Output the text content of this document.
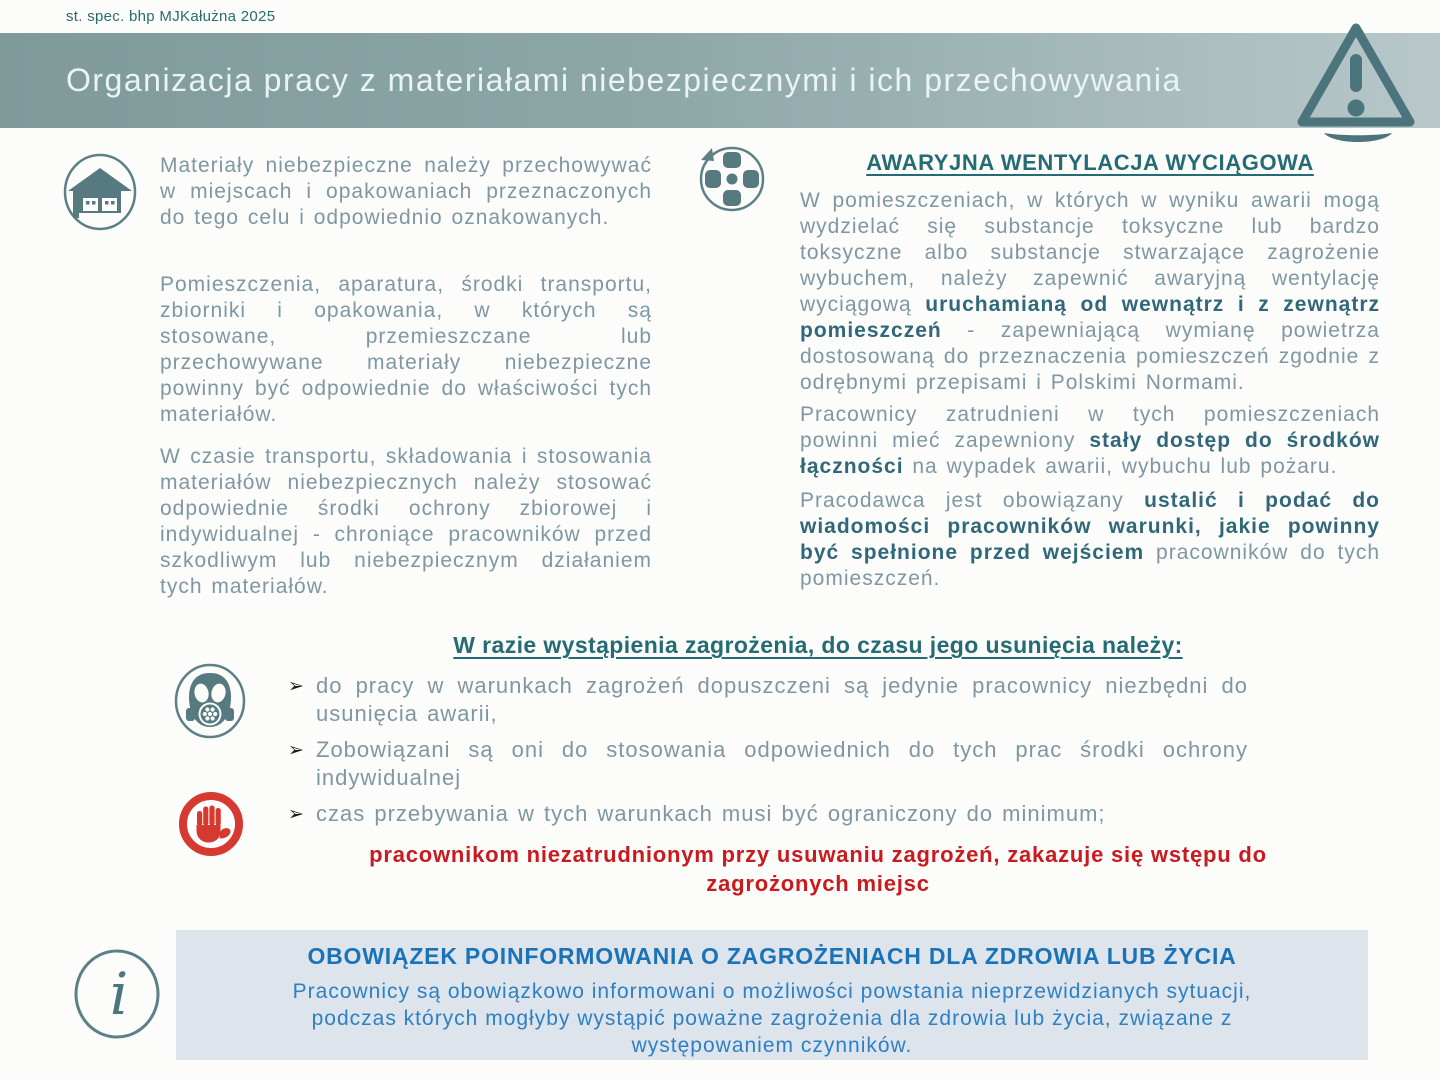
st. spec. bhp MJKałużna 2025
Organizacja pracy z materiałami niebezpiecznymi i ich przechowywania

Materiały niebezpieczne należy przechowywać w miejscach i opakowaniach przeznaczonych do tego celu i odpowiednio oznakowanych.

Pomieszczenia, aparatura, środki transportu, zbiorniki i opakowania, w których są stosowane, przemieszczane lub przechowywane materiały niebezpieczne powinny być odpowiednie do właściwości tych materiałów.

W czasie transportu, składowania i stosowania materiałów niebezpiecznych należy stosować odpowiednie środki ochrony zbiorowej i indywidualnej - chroniące pracowników przed szkodliwym lub niebezpiecznym działaniem tych materiałów.

AWARYJNA WENTYLACJA WYCIĄGOWA

W pomieszczeniach, w których w wyniku awarii mogą wydzielać się substancje toksyczne lub bardzo toksyczne albo substancje stwarzające zagrożenie wybuchem, należy zapewnić awaryjną wentylację wyciągową uruchamianą od wewnątrz i z zewnątrz pomieszczeń - zapewniającą wymianę powietrza dostosowaną do przeznaczenia pomieszczeń zgodnie z odrębnymi przepisami i Polskimi Normami.

Pracownicy zatrudnieni w tych pomieszczeniach powinni mieć zapewniony stały dostęp do środków łączności na wypadek awarii, wybuchu lub pożaru.

Pracodawca jest obowiązany ustalić i podać do wiadomości pracowników warunki, jakie powinny być spełnione przed wejściem pracowników do tych pomieszczeń.

W razie wystąpienia zagrożenia, do czasu jego usunięcia należy:

➢ do pracy w warunkach zagrożeń dopuszczeni są jedynie pracownicy niezbędni do usunięcia awarii,

➢ Zobowiązani są oni do stosowania odpowiednich do tych prac środki ochrony indywidualnej

➢ czas przebywania w tych warunkach musi być ograniczony do minimum;

pracownikom niezatrudnionym przy usuwaniu zagrożeń, zakazuje się wstępu do zagrożonych miejsc

i
OBOWIĄZEK POINFORMOWANIA O ZAGROŻENIACH DLA ZDROWIA LUB ŻYCIA

Pracownicy są obowiązkowo informowani o możliwości powstania nieprzewidzianych sytuacji, podczas których mogłyby wystąpić poważne zagrożenia dla zdrowia lub życia, związane z występowaniem czynników.
